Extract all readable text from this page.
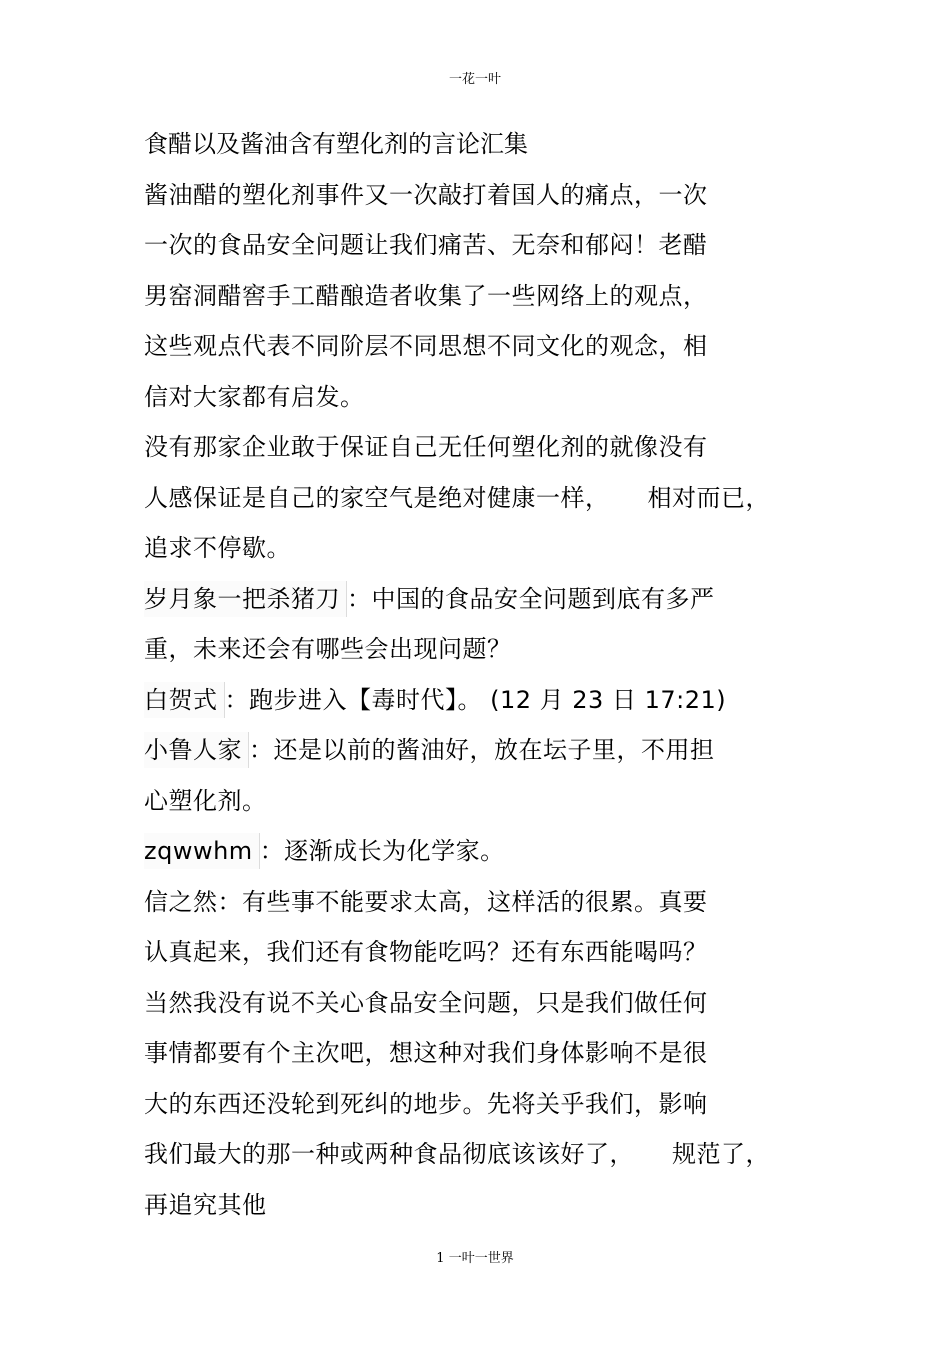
一花一叶
食醋以及酱油含有塑化剂的言论汇集
酱油醋的塑化剂事件又一次敲打着国人的痛点，一次
一次的食品安全问题让我们痛苦、无奈和郁闷！老醋
男窑洞醋窖手工醋酿造者收集了一些网络上的观点，
这些观点代表不同阶层不同思想不同文化的观念，相
信对大家都有启发。
没有那家企业敢于保证自己无任何塑化剂的就像没有
人感保证是自己的家空气是绝对健康一样， 相对而已，
追求不停歇。
岁月象一把杀猪刀 ：中国的食品安全问题到底有多严
重，未来还会有哪些会出现问题？
白贺式 ：跑步进入【毒时代】。 (12 月 23 日 17:21)
小鲁人家 ：还是以前的酱油好，放在坛子里，不用担
心塑化剂。
zqwwhm ：逐渐成长为化学家。
信之然：有些事不能要求太高，这样活的很累。真要
认真起来，我们还有食物能吃吗？还有东西能喝吗？
当然我没有说不关心食品安全问题，只是我们做任何
事情都要有个主次吧，想这种对我们身体影响不是很
大的东西还没轮到死纠的地步。先将关乎我们，影响
我们最大的那一种或两种食品彻底该该好了， 规范了，
再追究其他
1 一叶一世界
